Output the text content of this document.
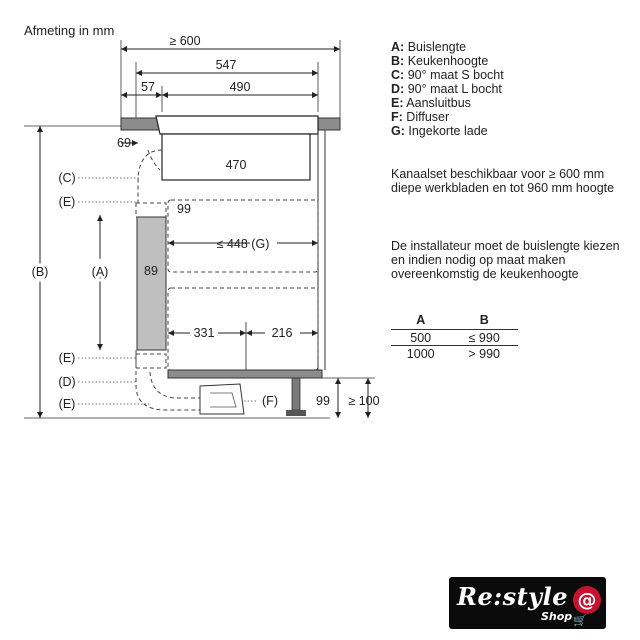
Afmeting in mm
≥ 600
547
57	490
69
470
99
≤ 448 (G)
89
331	216
99 ≥ 100
(C)
(E)
(A)
(B)
(E)
(D)
(E)	(F)
A: Buislengte
B: Keukenhoogte
C: 90° maat S bocht
D: 90° maat L bocht
E: Aansluitbus
F: Diffuser
G: Ingekorte lade
Kanaalset beschikbaar voor ≥ 600 mm diepe werkbladen en tot 960 mm hoogte
De installateur moet de buislengte kiezen en indien nodig op maat maken overeenkomstig de keukenhoogte
A	B
500	≤ 990
1000	> 990
Re:style
Shop
@
🛒
